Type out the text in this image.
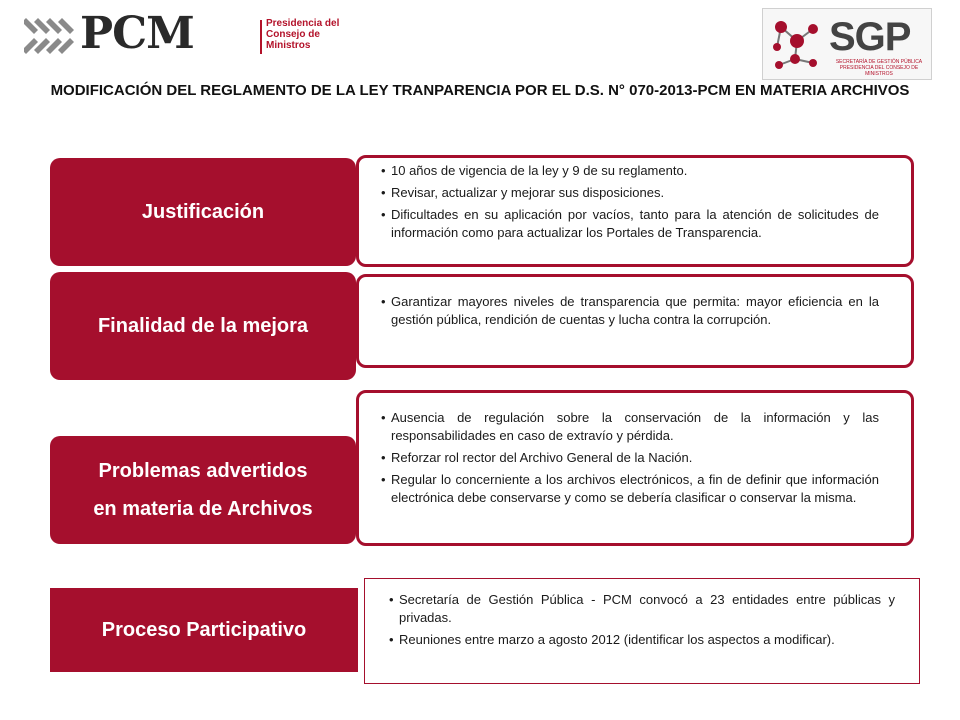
PCM	Presidencia del Consejo de Ministros	SGP
SECRETARÍA DE GESTIÓN PÚBLICA PRESIDENCIA DEL CONSEJO DE MINISTROS
MODIFICACIÓN DEL REGLAMENTO DE LA LEY TRANPARENCIA POR EL D.S. N° 070-2013-PCM EN MATERIA ARCHIVOS
• 10 años de vigencia de la ley y 9 de su reglamento.
• Revisar, actualizar y mejorar sus disposiciones.
• Dificultades en su aplicación por vacíos, tanto para la atención de solicitudes de información como para actualizar los Portales de Transparencia.
Justificación
• Garantizar mayores niveles de transparencia que permita: mayor eficiencia en la gestión pública, rendición de cuentas y lucha contra la corrupción.
Finalidad de la mejora
• Ausencia de regulación sobre la conservación de la información y las responsabilidades en caso de extravío y pérdida.
• Reforzar rol rector del Archivo General de la Nación.
• Regular lo concerniente a los archivos electrónicos, a fin de definir que información electrónica debe conservarse y como se debería clasificar o conservar la misma.
Problemas advertidos
en materia de Archivos
• Secretaría de Gestión Pública - PCM convocó a 23 entidades entre públicas y privadas.
• Reuniones entre marzo a agosto 2012 (identificar los aspectos a modificar).
Proceso Participativo
